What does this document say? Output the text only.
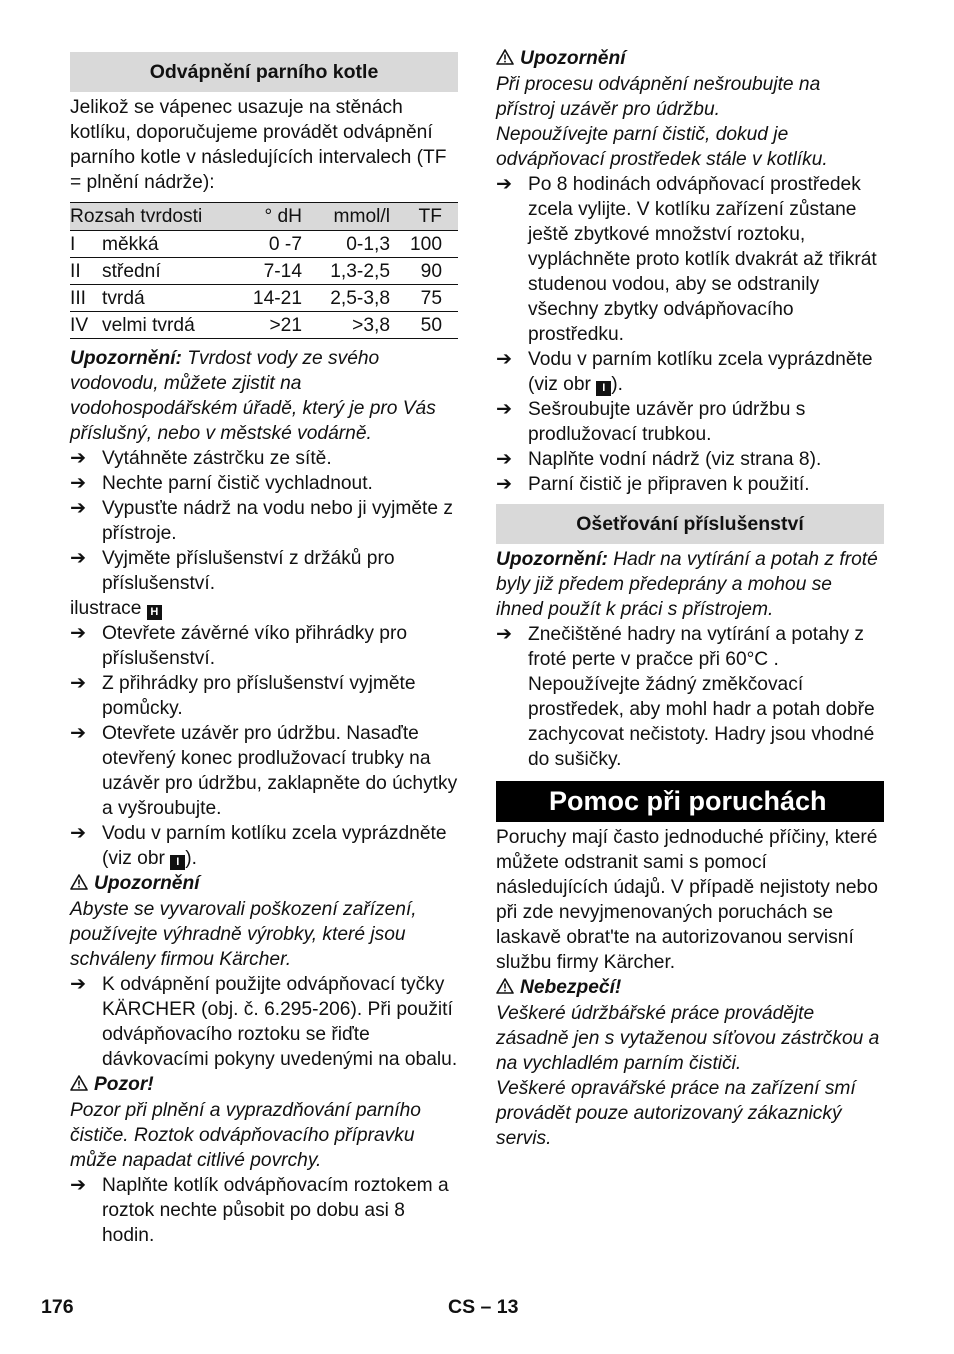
Odvápnění parního kotle

Jelikož se vápenec usazuje na stěnách kotlíku, doporučujeme provádět odvápnění parního kotle v následujících intervalech (TF = plnění nádrže):

Rozsah tvrdosti		° dH	mmol/l	TF
I	měkká	0 -7	0-1,3	100
II	střední	7-14	1,3-2,5	90
III	tvrdá	14-21	2,5-3,8	75
IV	velmi tvrdá	>21	>3,8	50

Upozornění: Tvrdost vody ze svého vodovodu, můžete zjistit na vodohospodářském úřadě, který je pro Vás příslušný, nebo v městské vodárně.

➔ Vytáhněte zástrčku ze sítě.

➔ Nechte parní čistič vychladnout.

➔ Vypusťte nádrž na vodu nebo ji vyjměte z přístroje.

➔ Vyjměte příslušenství z držáků pro příslušenství.

ilustrace H

➔ Otevřete závěrné víko přihrádky pro příslušenství.

➔ Z přihrádky pro příslušenství vyjměte pomůcky.

➔ Otevřete uzávěr pro údržbu. Nasaďte otevřený konec prodlužovací trubky na uzávěr pro údržbu, zaklapněte do úchytky a vyšroubujte.

➔ Vodu v parním kotlíku zcela vyprázdněte (viz obr I ).

Upozornění

Abyste se vyvarovali poškození zařízení, používejte výhradně výrobky, které jsou schváleny firmou Kärcher.

➔ K odvápnění použijte odvápňovací tyčky KÄRCHER (obj. č. 6.295-206). Při použití odvápňovacího roztoku se řiďte dávkovacími pokyny uvedenými na obalu.

Pozor!

Pozor při plnění a vyprazdňování parního čističe. Roztok odvápňovacího přípravku může napadat citlivé povrchy.

➔ Naplňte kotlík odvápňovacím roztokem a roztok nechte působit po dobu asi 8 hodin.

Upozornění

Při procesu odvápnění nešroubujte na přístroj uzávěr pro údržbu.

Nepoužívejte parní čistič, dokud je odvápňovací prostředek stále v kotlíku.

➔ Po 8 hodinách odvápňovací prostředek zcela vylijte. V kotlíku zařízení zůstane ještě zbytkové množství roztoku, vypláchněte proto kotlík dvakrát až třikrát studenou vodou, aby se odstranily všechny zbytky odvápňovacího prostředku.

➔ Vodu v parním kotlíku zcela vyprázdněte (viz obr I ).

➔ Sešroubujte uzávěr pro údržbu s prodlužovací trubkou.

➔ Naplňte vodní nádrž (viz strana 8).

➔ Parní čistič je připraven k použití.

Ošetřování příslušenství

Upozornění: Hadr na vytírání a potah z froté byly již předem předeprány a mohou se ihned použít k práci s přístrojem.

➔ Znečištěné hadry na vytírání a potahy z froté perte v pračce při 60°C . Nepoužívejte žádný změkčovací prostředek, aby mohl hadr a potah dobře zachycovat nečistoty. Hadry jsou vhodné do sušičky.

Pomoc při poruchách

Poruchy mají často jednoduché příčiny, které můžete odstranit sami s pomocí následujících údajů. V případě nejistoty nebo při zde nevyjmenovaných poruchách se laskavě obrat'te na autorizovanou servisní službu firmy Kärcher.

Nebezpečí!

Veškeré údržbářské práce provádějte zásadně jen s vytaženou síťovou zástrčkou a na vychladlém parním čističi.

Veškeré opravářské práce na zařízení smí provádět pouze autorizovaný zákaznický servis.

176	CS – 13
